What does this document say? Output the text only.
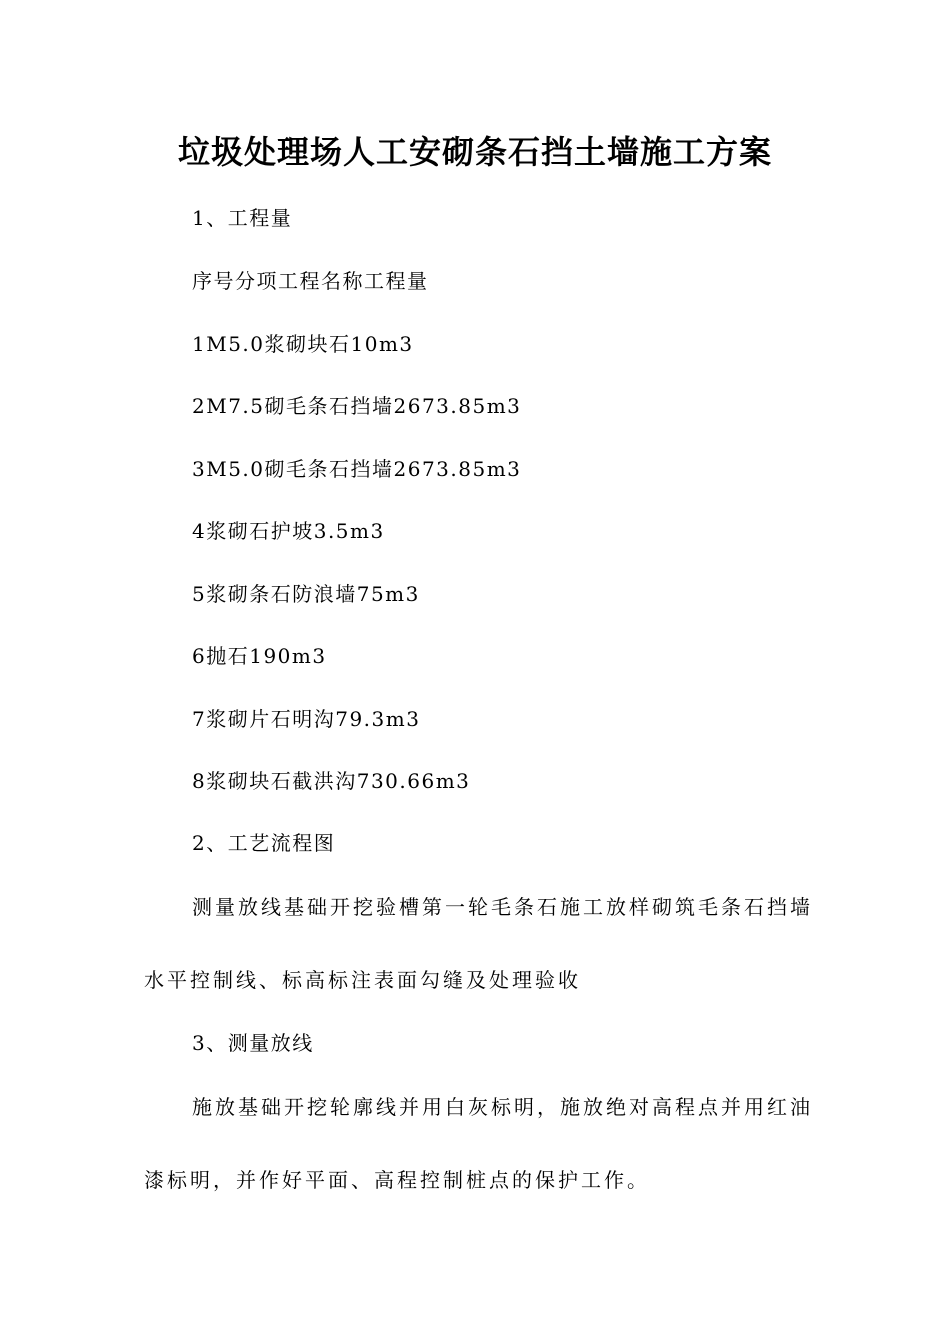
垃圾处理场人工安砌条石挡土墙施工方案
1、工程量
序号分项工程名称工程量
1M5.0浆砌块石10m3
2M7.5砌毛条石挡墙2673.85m3
3M5.0砌毛条石挡墙2673.85m3
4浆砌石护坡3.5m3
5浆砌条石防浪墙75m3
6抛石190m3
7浆砌片石明沟79.3m3
8浆砌块石截洪沟730.66m3
2、工艺流程图
测量放线基础开挖验槽第一轮毛条石施工放样砌筑毛条石挡墙
水平控制线、标高标注表面勾缝及处理验收
3、测量放线
施放基础开挖轮廓线并用白灰标明，施放绝对高程点并用红油
漆标明，并作好平面、高程控制桩点的保护工作。
